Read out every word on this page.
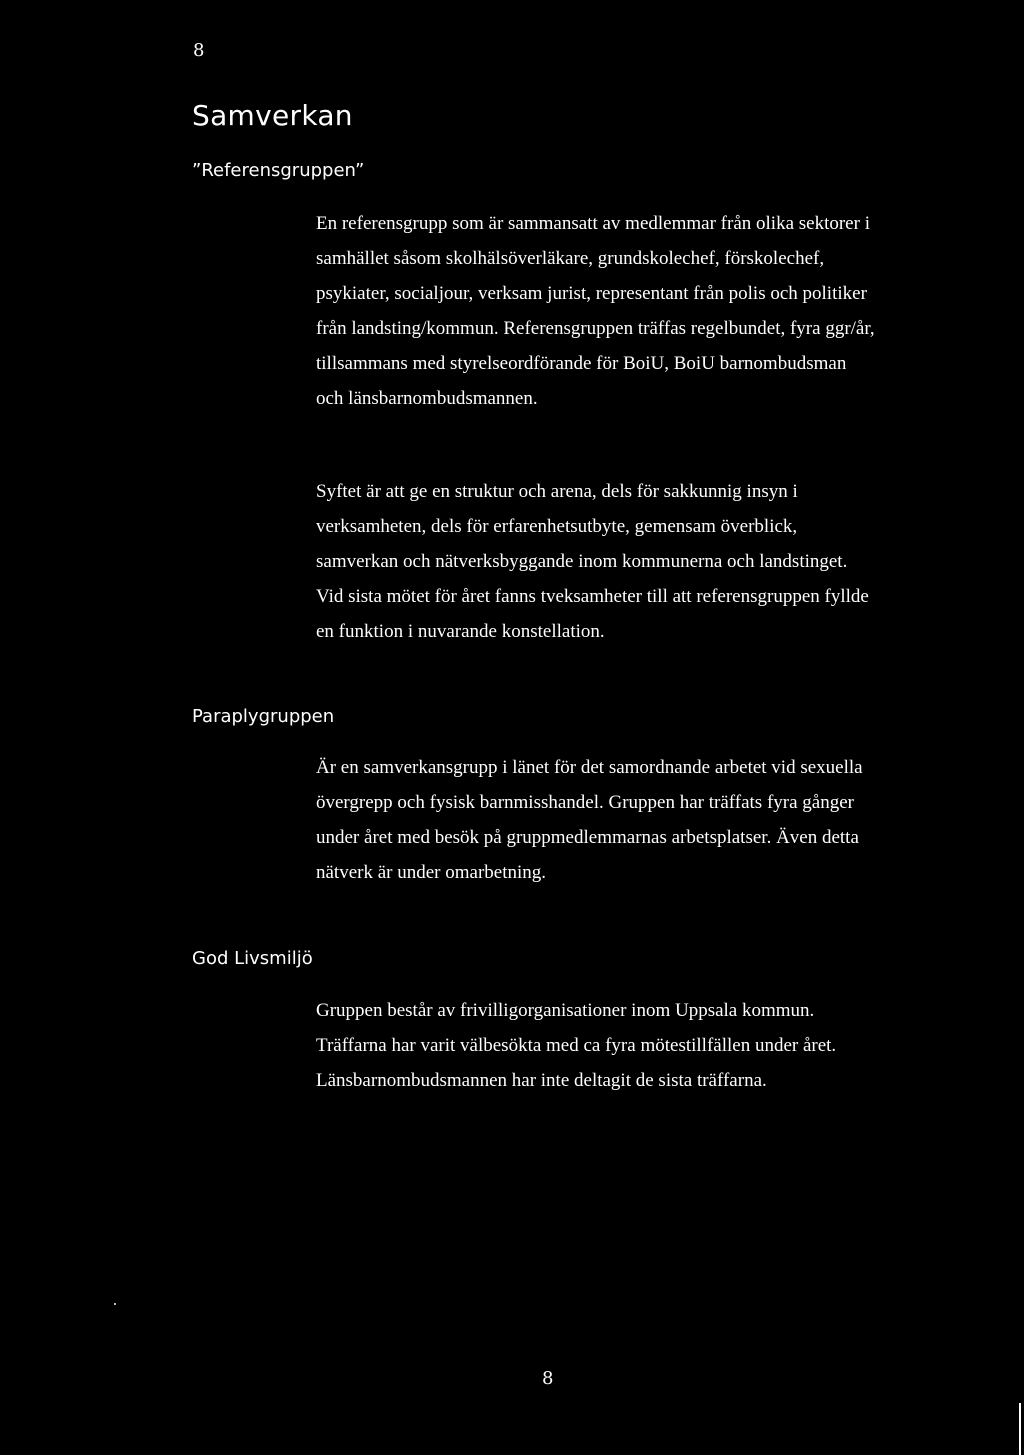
8
Samverkan
”Referensgruppen”

En referensgrupp som är sammansatt av medlemmar från olika sektorer i samhället såsom skolhälsöverläkare, grundskolechef, förskolechef, psykiater, socialjour, verksam jurist, representant från polis och politiker från landsting/kommun. Referensgruppen träffas regelbundet, fyra ggr/år, tillsammans med styrelseordförande för BoiU, BoiU barnombudsman och länsbarnombudsmannen.

Syftet är att ge en struktur och arena, dels för sakkunnig insyn i verksamheten, dels för erfarenhetsutbyte, gemensam överblick, samverkan och nätverksbyggande inom kommunerna och landstinget. Vid sista mötet för året fanns tveksamheter till att referensgruppen fyllde en funktion i nuvarande konstellation.

Paraplygruppen

Är en samverkansgrupp i länet för det samordnande arbetet vid sexuella övergrepp och fysisk barnmisshandel. Gruppen har träffats fyra gånger under året med besök på gruppmedlemmarnas arbetsplatser. Även detta nätverk är under omarbetning.

God Livsmiljö

Gruppen består av frivilligorganisationer inom Uppsala kommun. Träffarna har varit välbesökta med ca fyra mötestillfällen under året. Länsbarnombudsmannen har inte deltagit de sista träffarna.

8
